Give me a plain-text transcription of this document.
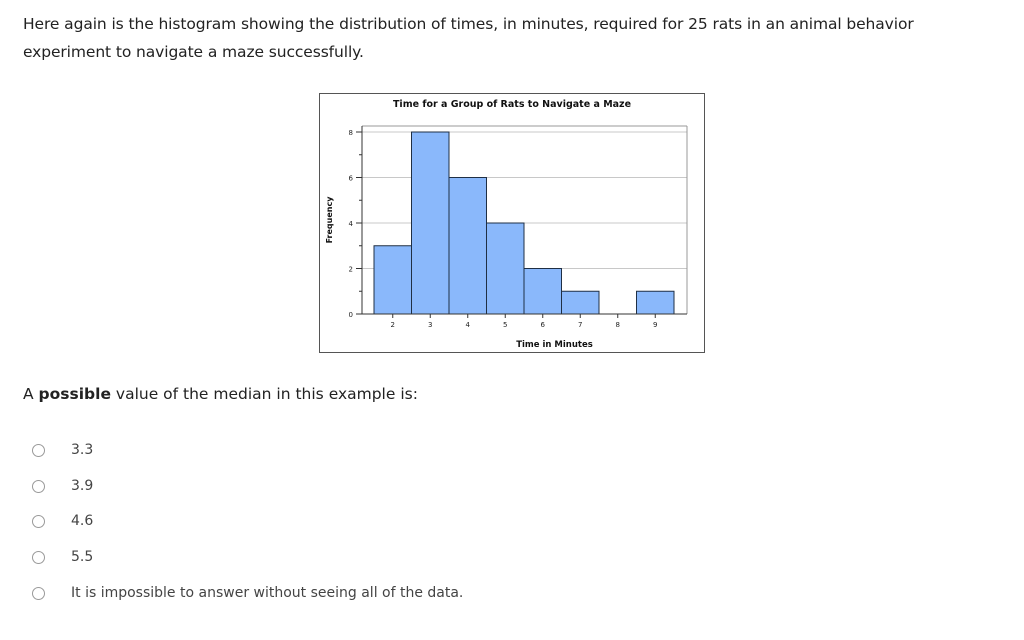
Here again is the histogram showing the distribution of times, in minutes, required for 25 rats in an animal behavior experiment to navigate a maze successfully.
Time for a Group of Rats to Navigate a Maze
0
2
4
6
8
2	3	4	5	6	7	8	9
Time in Minutes
Frequency
A possible value of the median in this example is:
3.3
3.9
4.6
5.5
It is impossible to answer without seeing all of the data.
